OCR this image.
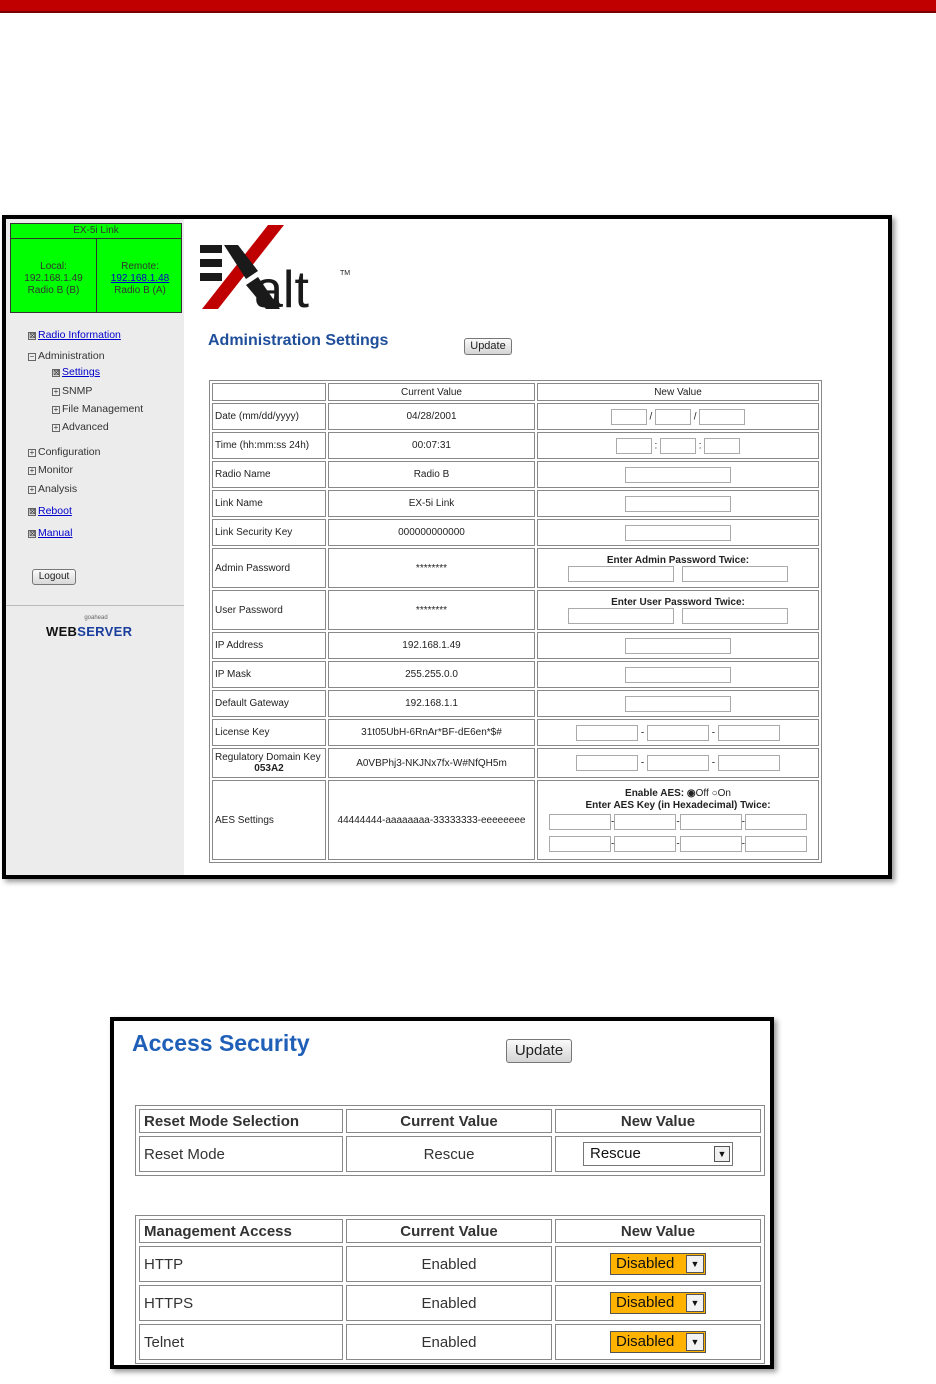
EX-5i Link
Local:
192.168.1.49
Radio B (B)
Remote:
192.168.1.48
Radio B (A)
⊠ Radio Information
− Administration
⊠ Settings
+ SNMP
+ File Management
+ Advanced
+ Configuration
+ Monitor
+ Analysis
⊠ Reboot
⊠ Manual
Logout
goahead
WEBSERVER
alt	TM
Administration Settings	Update
	Current Value	New Value
Date (mm/dd/yyyy)	04/28/2001	/ /
Time (hh:mm:ss 24h)	00:07:31	: :
Radio Name	Radio B	
Link Name	EX-5i Link	
Link Security Key	000000000000	
Admin Password	********	Enter Admin Password Twice:

User Password	********	Enter User Password Twice:

IP Address	192.168.1.49	
IP Mask	255.255.0.0	
Default Gateway	192.168.1.1	
License Key	31t05UbH-6RnAr*BF-dE6en*$#	- -

Regulatory Domain Key
053A2	A0VBPhj3-NKJNx7fx-W#NfQH5m	- -
AES Settings	44444444-aaaaaaaa-33333333-eeeeeeee	Enable AES: ◉Off ○On
Enter AES Key (in Hexadecimal) Twice:
- - -
- - -
Access Security	Update
Reset Mode Selection	Current Value	New Value
Reset Mode	Rescue	Rescue ▼
Management Access	Current Value	New Value
HTTP	Enabled	Disabled ▼

HTTPS	Enabled	Disabled ▼

Telnet	Enabled	Disabled ▼
